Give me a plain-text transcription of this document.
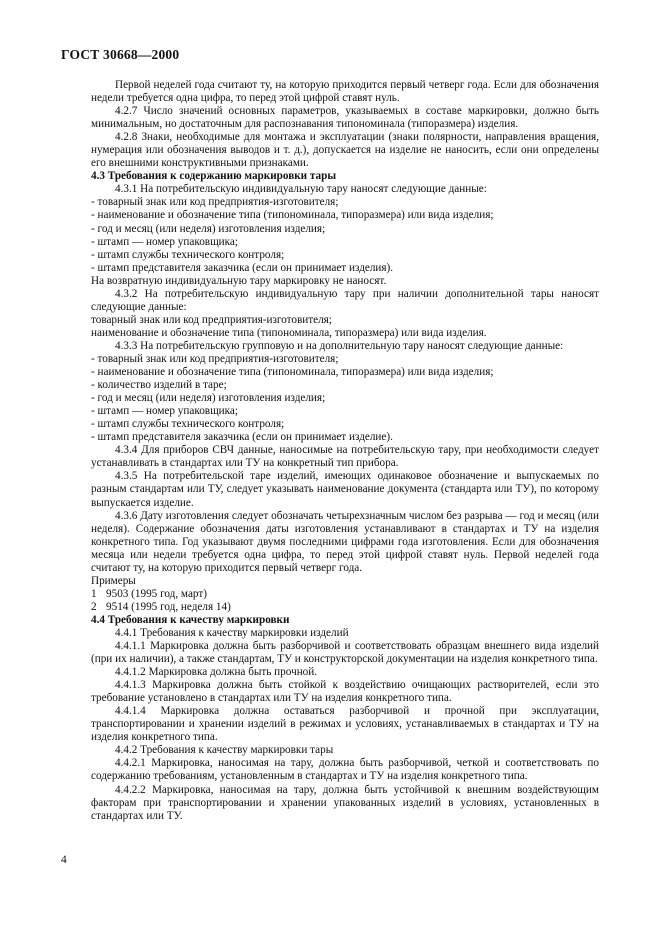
ГОСТ 30668—2000

Первой неделей года считают ту, на которую приходится первый четверг года. Если для обозначения недели требуется одна цифра, то перед этой цифрой ставят нуль.

4.2.7 Число значений основных параметров, указываемых в составе маркировки, должно быть минимальным, но достаточным для распознавания типономинала (типоразмера) изделия.

4.2.8 Знаки, необходимые для монтажа и эксплуатации (знаки полярности, направления вращения, нумерация или обозначения выводов и т. д.), допускается на изделие не наносить, если они определены его внешними конструктивными признаками.

4.3 Требования к содержанию маркировки тары

4.3.1 На потребительскую индивидуальную тару наносят следующие данные:

- товарный знак или код предприятия-изготовителя;

- наименование и обозначение типа (типономинала, типоразмера) или вида изделия;

- год и месяц (или неделя) изготовления изделия;

- штамп — номер упаковщика;

- штамп службы технического контроля;

- штамп представителя заказчика (если он принимает изделия).

На возвратную индивидуальную тару маркировку не наносят.

4.3.2 На потребительскую индивидуальную тару при наличии дополнительной тары наносят следующие данные:

товарный знак или код предприятия-изготовителя;

наименование и обозначение типа (типономинала, типоразмера) или вида изделия.

4.3.3 На потребительскую групповую и на дополнительную тару наносят следующие данные:

- товарный знак или код предприятия-изготовителя;

- наименование и обозначение типа (типономинала, типоразмера) или вида изделия;

- количество изделий в таре;

- год и месяц (или неделя) изготовления изделия;

- штамп — номер упаковщика;

- штамп службы технического контроля;

- штамп представителя заказчика (если он принимает изделие).

4.3.4 Для приборов СВЧ данные, наносимые на потребительскую тару, при необходимости следует устанавливать в стандартах или ТУ на конкретный тип прибора.

4.3.5 На потребительской таре изделий, имеющих одинаковое обозначение и выпускаемых по разным стандартам или ТУ, следует указывать наименование документа (стандарта или ТУ), по которому выпускается изделие.

4.3.6 Дату изготовления следует обозначать четырехзначным числом без разрыва — год и месяц (или неделя). Содержание обозначения даты изготовления устанавливают в стандартах и ТУ на изделия конкретного типа. Год указывают двумя последними цифрами года изготовления. Если для обозначения месяца или недели требуется одна цифра, то перед этой цифрой ставят нуль. Первой неделей года считают ту, на которую приходится первый четверг года.

Примеры

1 9503 (1995 год, март)

2 9514 (1995 год, неделя 14)

4.4 Требования к качеству маркировки

4.4.1 Требования к качеству маркировки изделий

4.4.1.1 Маркировка должна быть разборчивой и соответствовать образцам внешнего вида изделий (при их наличии), а также стандартам, ТУ и конструкторской документации на изделия конкретного типа.

4.4.1.2 Маркировка должна быть прочной.

4.4.1.3 Маркировка должна быть стойкой к воздействию очищающих растворителей, если это требование установлено в стандартах или ТУ на изделия конкретного типа.

4.4.1.4 Маркировка должна оставаться разборчивой и прочной при эксплуатации, транспортировании и хранении изделий в режимах и условиях, устанавливаемых в стандартах и ТУ на изделия конкретного типа.

4.4.2 Требования к качеству маркировки тары

4.4.2.1 Маркировка, наносимая на тару, должна быть разборчивой, четкой и соответствовать по содержанию требованиям, установленным в стандартах и ТУ на изделия конкретного типа.

4.4.2.2 Маркировка, наносимая на тару, должна быть устойчивой к внешним воздействующим факторам при транспортировании и хранении упакованных изделий в условиях, установленных в стандартах или ТУ.

4
